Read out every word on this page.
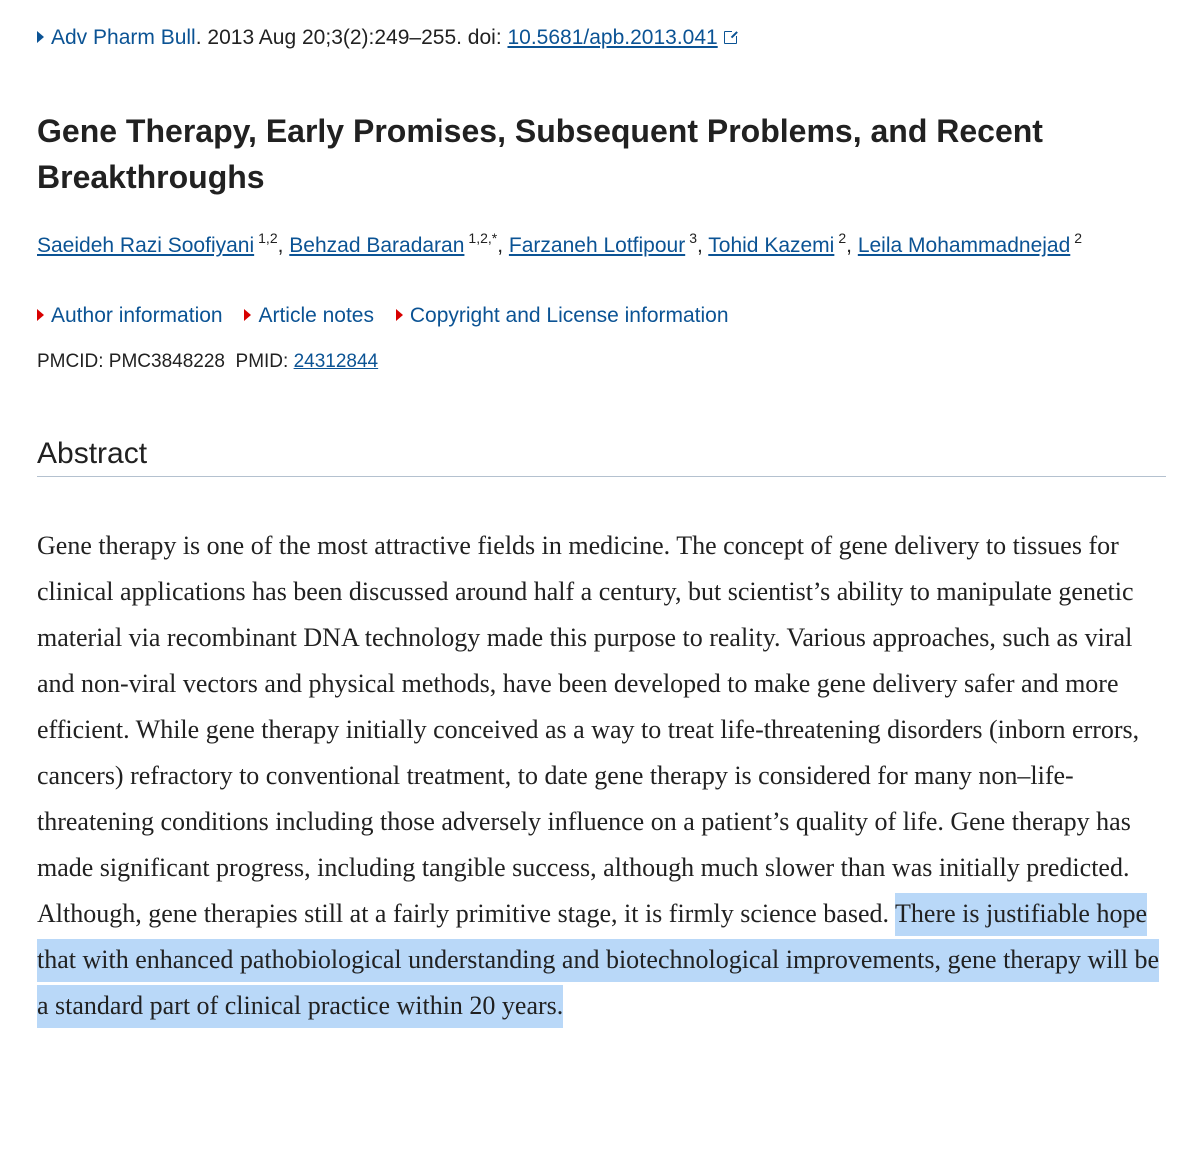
Adv Pharm Bull. 2013 Aug 20;3(2):249–255. doi: 10.5681/apb.2013.041
Gene Therapy, Early Promises, Subsequent Problems, and Recent Breakthroughs
Saeideh Razi Soofiyani $^{1,2}$, Behzad Baradaran $^{1,2,*}$, Farzaneh Lotfipour $^3$, Tohid Kazemi $^2$, Leila Mohammadnejad $^2$
Author information Article notes Copyright and License information
PMCID: PMC3848228 PMID: 24312844
Abstract

Gene therapy is one of the most attractive fields in medicine. The concept of gene delivery to tissues for clinical applications has been discussed around half a century, but scientist’s ability to manipulate genetic material via recombinant DNA technology made this purpose to reality. Various approaches, such as viral and non-viral vectors and physical methods, have been developed to make gene delivery safer and more efficient. While gene therapy initially conceived as a way to treat life-threatening disorders (inborn errors, cancers) refractory to conventional treatment, to date gene therapy is considered for many non–life-threatening conditions including those adversely influence on a patient’s quality of life. Gene therapy has made significant progress, including tangible success, although much slower than was initially predicted. Although, gene therapies still at a fairly primitive stage, it is firmly science based. There is justifiable hope that with enhanced pathobiological understanding and biotechnological improvements, gene therapy will be a standard part of clinical practice within 20 years.
